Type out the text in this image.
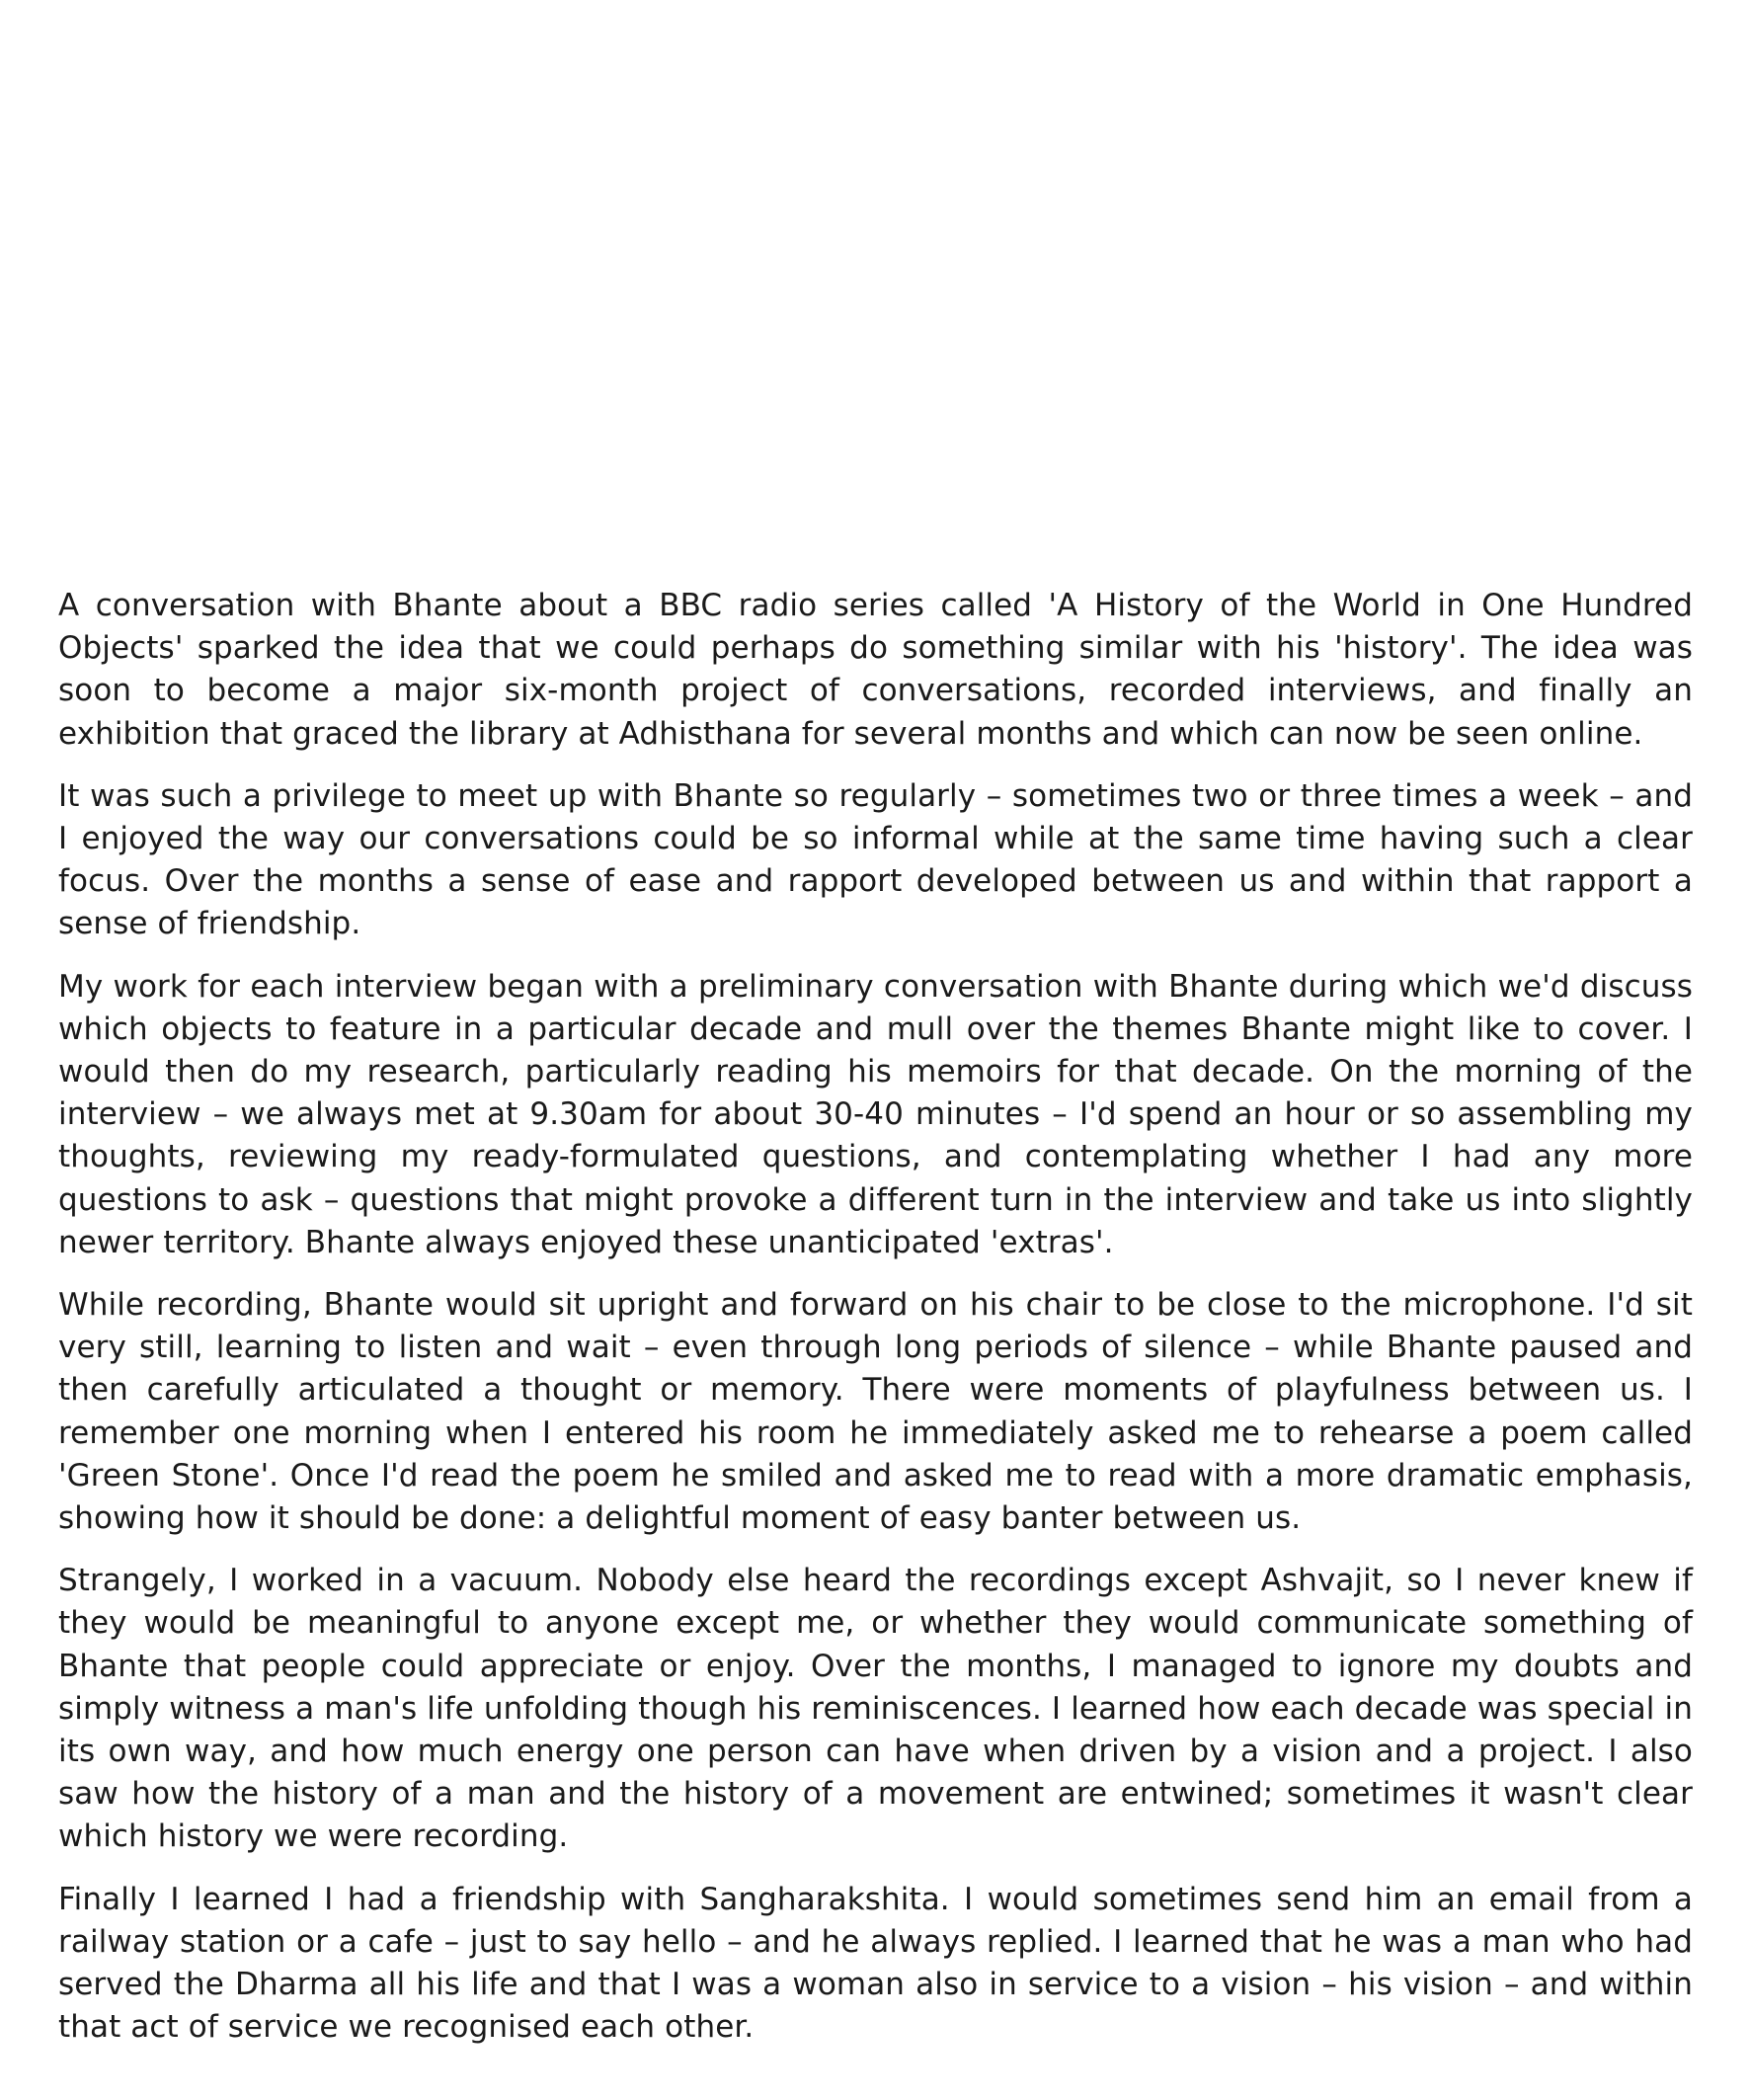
A conversation with Bhante about a BBC radio series called 'A History of the World in One Hundred Objects' sparked the idea that we could perhaps do something similar with his 'history'. The idea was soon to become a major six-month project of conversations, recorded interviews, and finally an exhibition that graced the library at Adhisthana for several months and which can now be seen online.

It was such a privilege to meet up with Bhante so regularly – sometimes two or three times a week – and I enjoyed the way our conversations could be so informal while at the same time having such a clear focus. Over the months a sense of ease and rapport developed between us and within that rapport a sense of friendship.

My work for each interview began with a preliminary conversation with Bhante during which we'd discuss which objects to feature in a particular decade and mull over the themes Bhante might like to cover. I would then do my research, particularly reading his memoirs for that decade. On the morning of the interview – we always met at 9.30am for about 30-40 minutes – I'd spend an hour or so assembling my thoughts, reviewing my ready-formulated questions, and contemplating whether I had any more questions to ask – questions that might provoke a different turn in the interview and take us into slightly newer territory. Bhante always enjoyed these unanticipated 'extras'.

While recording, Bhante would sit upright and forward on his chair to be close to the microphone. I'd sit very still, learning to listen and wait – even through long periods of silence – while Bhante paused and then carefully articulated a thought or memory. There were moments of playfulness between us. I remember one morning when I entered his room he immediately asked me to rehearse a poem called 'Green Stone'. Once I'd read the poem he smiled and asked me to read with a more dramatic emphasis, showing how it should be done: a delightful moment of easy banter between us.

Strangely, I worked in a vacuum. Nobody else heard the recordings except Ashvajit, so I never knew if they would be meaningful to anyone except me, or whether they would communicate something of Bhante that people could appreciate or enjoy. Over the months, I managed to ignore my doubts and simply witness a man's life unfolding though his reminiscences. I learned how each decade was special in its own way, and how much energy one person can have when driven by a vision and a project. I also saw how the history of a man and the history of a movement are entwined; sometimes it wasn't clear which history we were recording.

Finally I learned I had a friendship with Sangharakshita. I would sometimes send him an email from a railway station or a cafe – just to say hello – and he always replied. I learned that he was a man who had served the Dharma all his life and that I was a woman also in service to a vision – his vision – and within that act of service we recognised each other.
